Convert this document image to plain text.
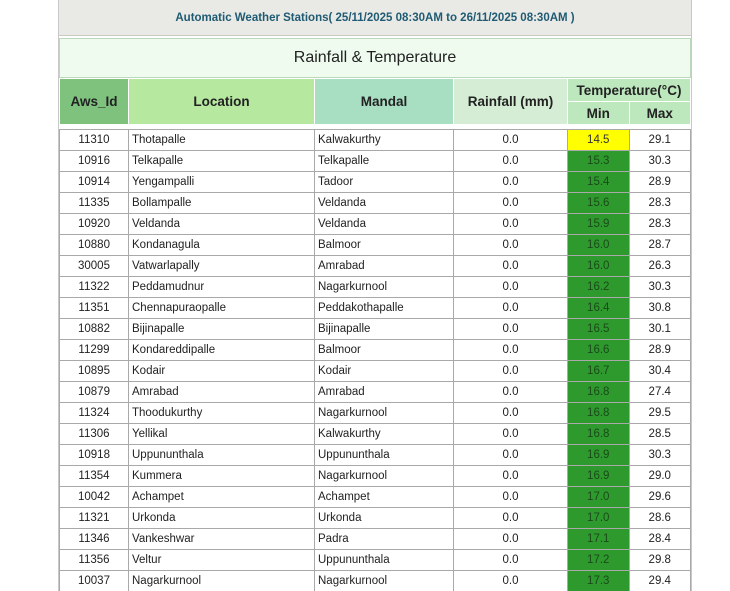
Automatic Weather Stations( 25/11/2025 08:30AM to 26/11/2025 08:30AM )
Rainfall & Temperature
Aws_Id	Location	Mandal	Rainfall (mm)	Temperature(°C)	
				Min	Max

11310	Thotapalle	Kalwakurthy	0.0	14.5	29.1
10916	Telkapalle	Telkapalle	0.0	15.3	30.3
10914	Yengampalli	Tadoor	0.0	15.4	28.9
11335	Bollampalle	Veldanda	0.0	15.6	28.3
10920	Veldanda	Veldanda	0.0	15.9	28.3
10880	Kondanagula	Balmoor	0.0	16.0	28.7
30005	Vatwarlapally	Amrabad	0.0	16.0	26.3
11322	Peddamudnur	Nagarkurnool	0.0	16.2	30.3
11351	Chennapuraopalle	Peddakothapalle	0.0	16.4	30.8
10882	Bijinapalle	Bijinapalle	0.0	16.5	30.1
11299	Kondareddipalle	Balmoor	0.0	16.6	28.9
10895	Kodair	Kodair	0.0	16.7	30.4
10879	Amrabad	Amrabad	0.0	16.8	27.4
11324	Thoodukurthy	Nagarkurnool	0.0	16.8	29.5
11306	Yellikal	Kalwakurthy	0.0	16.8	28.5
10918	Uppununthala	Uppununthala	0.0	16.9	30.3
11354	Kummera	Nagarkurnool	0.0	16.9	29.0
10042	Achampet	Achampet	0.0	17.0	29.6
11321	Urkonda	Urkonda	0.0	17.0	28.6
11346	Vankeshwar	Padra	0.0	17.1	28.4
11356	Veltur	Uppununthala	0.0	17.2	29.8
10037	Nagarkurnool	Nagarkurnool	0.0	17.3	29.4
